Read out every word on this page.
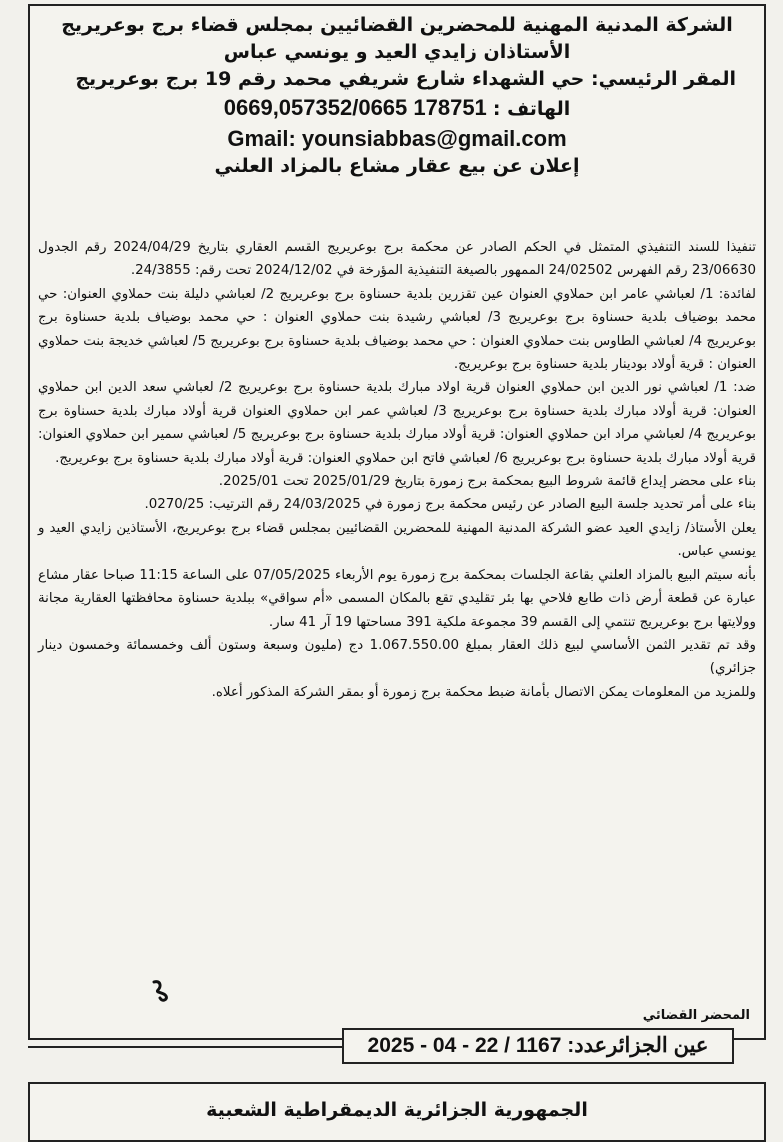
الشركة المدنية المهنية للمحضرين القضائيين بمجلس قضاء برج بوعريريج
الأستاذان زايدي العيد و يونسي عباس
المقر الرئيسي: حي الشهداء شارع شريفي محمد رقم 19 برج بوعريريج
0669,057352/0665 178751 الهاتف :
Gmail: younsiabbas@gmail.com
إعلان عن بيع عقار مشاع بالمزاد العلني

تنفيذا للسند التنفيذي المتمثل في الحكم الصادر عن محكمة برج بوعريريج القسم العقاري بتاريخ 2024/04/29 رقم الجدول 23/06630 رقم الفهرس 24/02502 الممهور بالصيغة التنفيذية المؤرخة في 2024/12/02 تحت رقم: 24/3855.

لفائدة: 1/ لعباشي عامر ابن حملاوي العنوان عين تقزرين بلدية حسناوة برج بوعريريج 2/ لعباشي دليلة بنت حملاوي العنوان: حي محمد بوضياف بلدية حسناوة برج بوعريريج 3/ لعباشي رشيدة بنت حملاوي العنوان : حي محمد بوضياف بلدية حسناوة برج بوعريريج 4/ لعباشي الطاوس بنت حملاوي العنوان : حي محمد بوضياف بلدية حسناوة برج بوعريريج 5/ لعباشي خديجة بنت حملاوي العنوان : قرية أولاد بودينار بلدية حسناوة برج بوعريريج.

ضد: 1/ لعباشي نور الدين ابن حملاوي العنوان قرية اولاد مبارك بلدية حسناوة برج بوعريريج 2/ لعباشي سعد الدين ابن حملاوي العنوان: قرية أولاد مبارك بلدية حسناوة برج بوعريريج 3/ لعباشي عمر ابن حملاوي العنوان قرية أولاد مبارك بلدية حسناوة برج بوعريريج 4/ لعباشي مراد ابن حملاوي العنوان: قرية أولاد مبارك بلدية حسناوة برج بوعريريج 5/ لعباشي سمير ابن حملاوي العنوان: قرية أولاد مبارك بلدية حسناوة برج بوعريريج 6/ لعباشي فاتح ابن حملاوي العنوان: قرية أولاد مبارك بلدية حسناوة برج بوعريريج.

بناء على محضر إيداع قائمة شروط البيع بمحكمة برج زمورة بتاريخ 2025/01/29 تحت 2025/01.

بناء على أمر تحديد جلسة البيع الصادر عن رئيس محكمة برج زمورة في 24/03/2025 رقم الترتيب: 0270/25.

يعلن الأستاذ/ زايدي العيد عضو الشركة المدنية المهنية للمحضرين القضائيين بمجلس قضاء برج بوعريريج، الأستاذين زايدي العيد و يونسي عباس.

بأنه سيتم البيع بالمزاد العلني بقاعة الجلسات بمحكمة برج زمورة يوم الأربعاء 07/05/2025 على الساعة 11:15 صباحا عقار مشاع عبارة عن قطعة أرض ذات طابع فلاحي بها بئر تقليدي تقع بالمكان المسمى «أم سواقي» ببلدية حسناوة محافظتها العقارية مجانة وولايتها برج بوعريريج تنتمي إلى القسم 39 مجموعة ملكية 391 مساحتها 19 آر 41 سار.

وقد تم تقدير الثمن الأساسي لبيع ذلك العقار بمبلغ 1.067.550.00 دج (مليون وسبعة وستون ألف وخمسمائة وخمسون دينار جزائري)

وللمزيد من المعلومات يمكن الاتصال بأمانة ضبط محكمة برج زمورة أو بمقر الشركة المذكور أعلاه.

المحضر القضائي
عين الجزائرعدد: 1167 / 22 - 04 - 2025
الجمهورية الجزائرية الديمقراطية الشعبية
